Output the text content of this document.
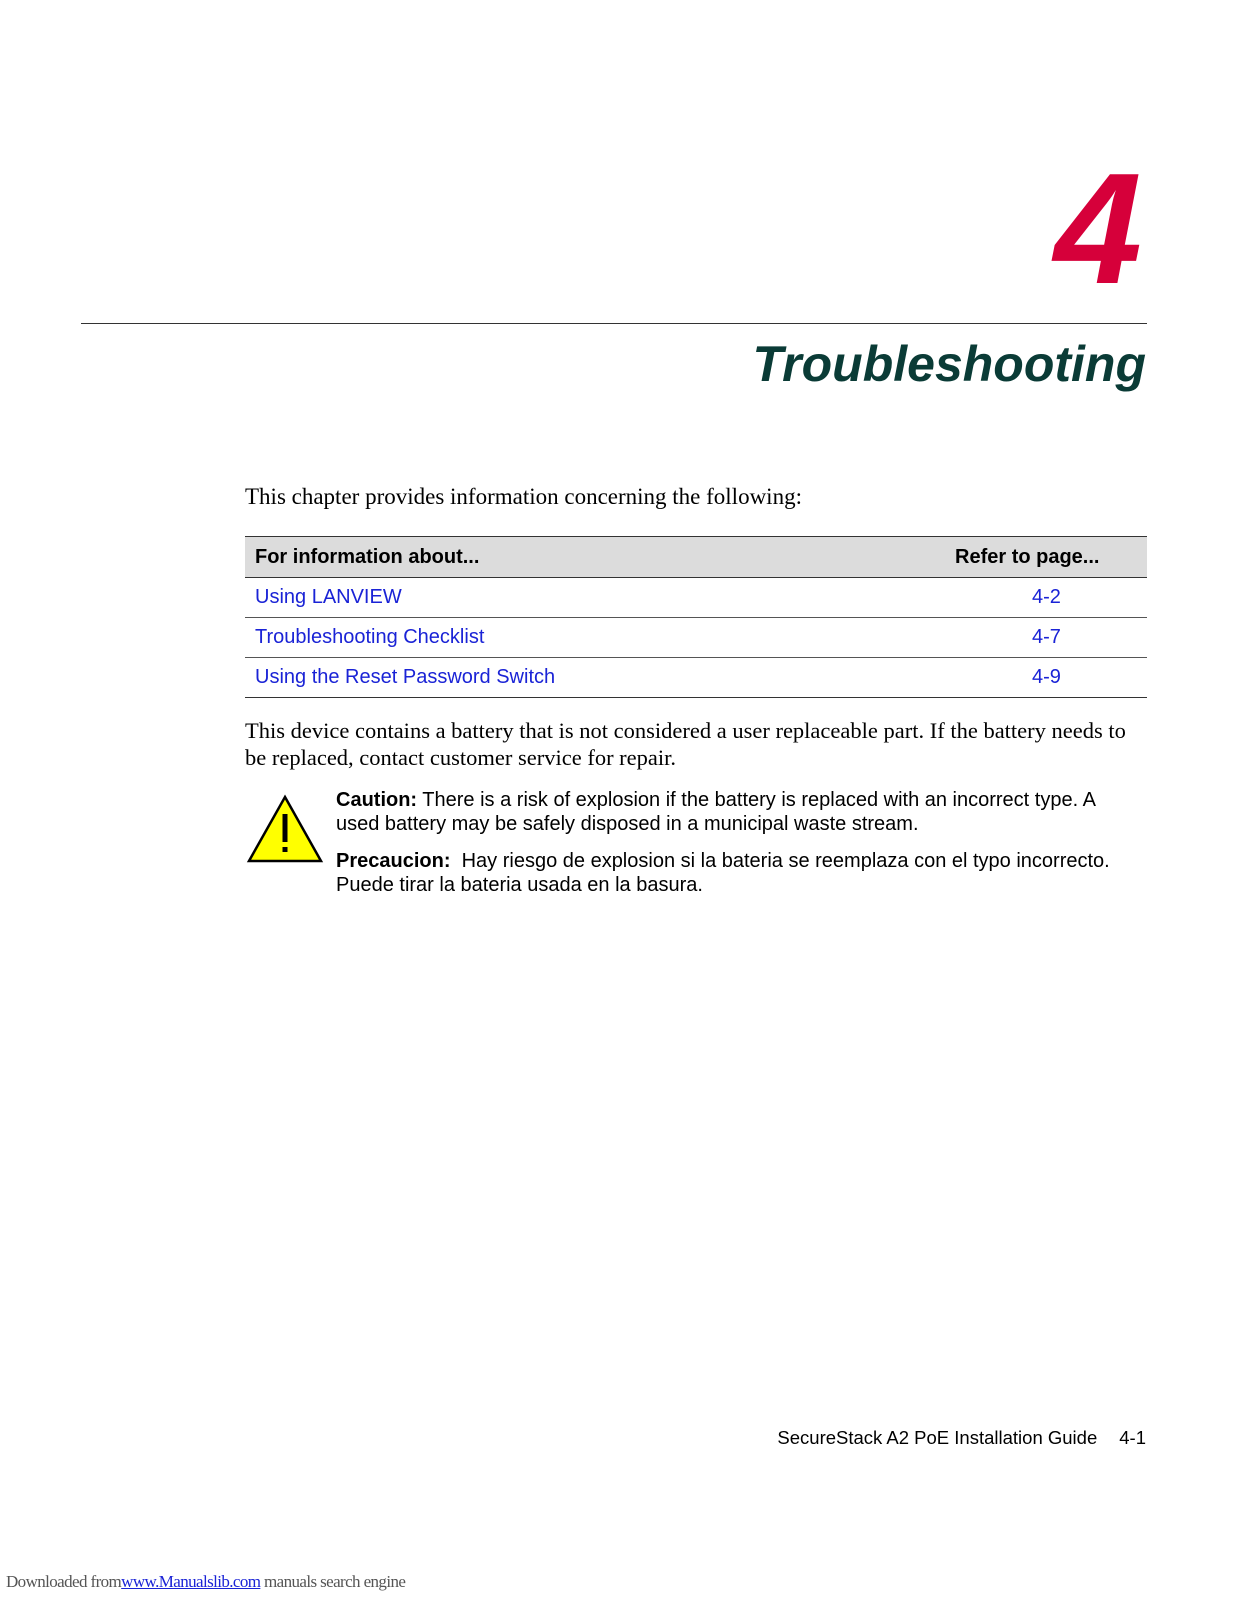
4
Troubleshooting
This chapter provides information concerning the following:
For information about...	Refer to page...
Using LANVIEW	4-2
Troubleshooting Checklist	4-7
Using the Reset Password Switch	4-9
This device contains a battery that is not considered a user replaceable part. If the battery needs to be replaced, contact customer service for repair.

Caution: There is a risk of explosion if the battery is replaced with an incorrect type. A used battery may be safely disposed in a municipal waste stream.

Precaucion: Hay riesgo de explosion si la bateria se reemplaza con el typo incorrecto. Puede tirar la bateria usada en la basura.

SecureStack A2 PoE Installation Guide 4-1
Downloaded fromwww.Manualslib.com manuals search engine
